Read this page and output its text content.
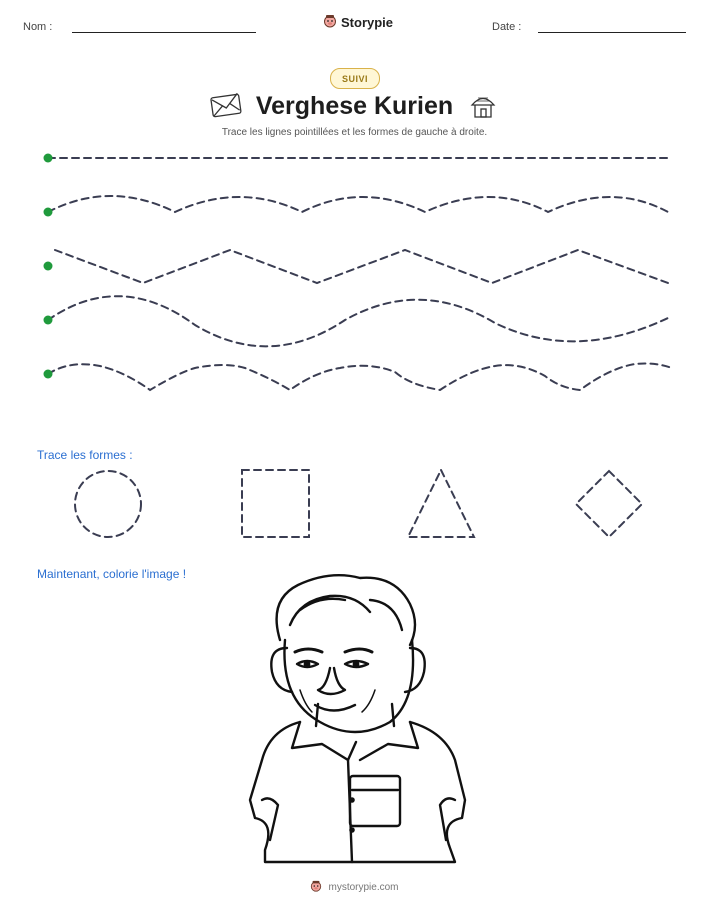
Nom :	Storypie	Date :
SUIVI
Verghese Kurien
Trace les lignes pointillées et les formes de gauche à droite.
Trace les formes :
Maintenant, colorie l'image !
mystorypie.com
